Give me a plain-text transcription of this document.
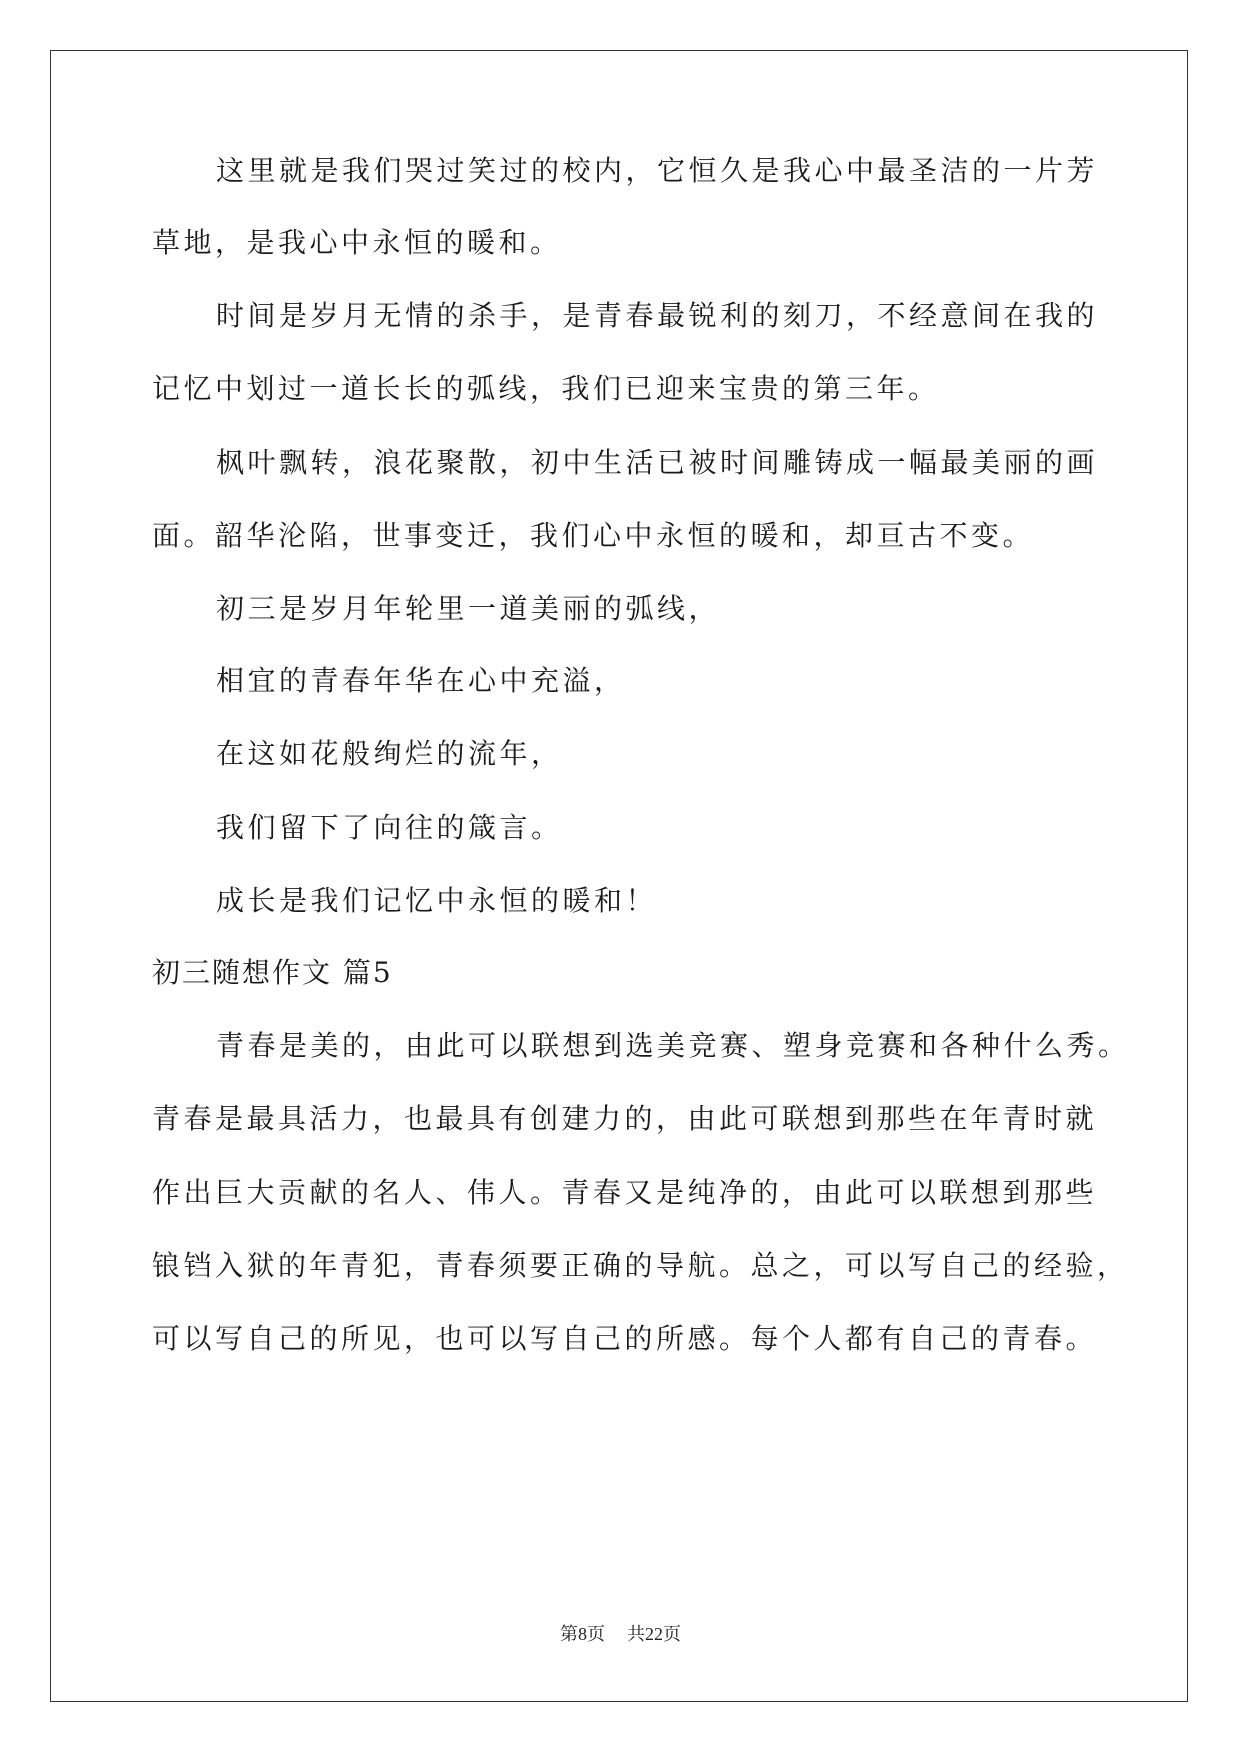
这里就是我们哭过笑过的校内，它恒久是我心中最圣洁的一片芳
草地，是我心中永恒的暖和。
时间是岁月无情的杀手，是青春最锐利的刻刀，不经意间在我的
记忆中划过一道长长的弧线，我们已迎来宝贵的第三年。
枫叶飘转，浪花聚散，初中生活已被时间雕铸成一幅最美丽的画
面。韶华沦陷，世事变迁，我们心中永恒的暖和，却亘古不变。
初三是岁月年轮里一道美丽的弧线，
相宜的青春年华在心中充溢，
在这如花般绚烂的流年，
我们留下了向往的箴言。
成长是我们记忆中永恒的暖和！
初三随想作文 篇5
青春是美的，由此可以联想到选美竞赛、塑身竞赛和各种什么秀。
青春是最具活力，也最具有创建力的，由此可联想到那些在年青时就
作出巨大贡献的名人、伟人。青春又是纯净的，由此可以联想到那些
锒铛入狱的年青犯，青春须要正确的导航。总之，可以写自己的经验，
可以写自己的所见，也可以写自己的所感。每个人都有自己的青春。
第8页 共22页
